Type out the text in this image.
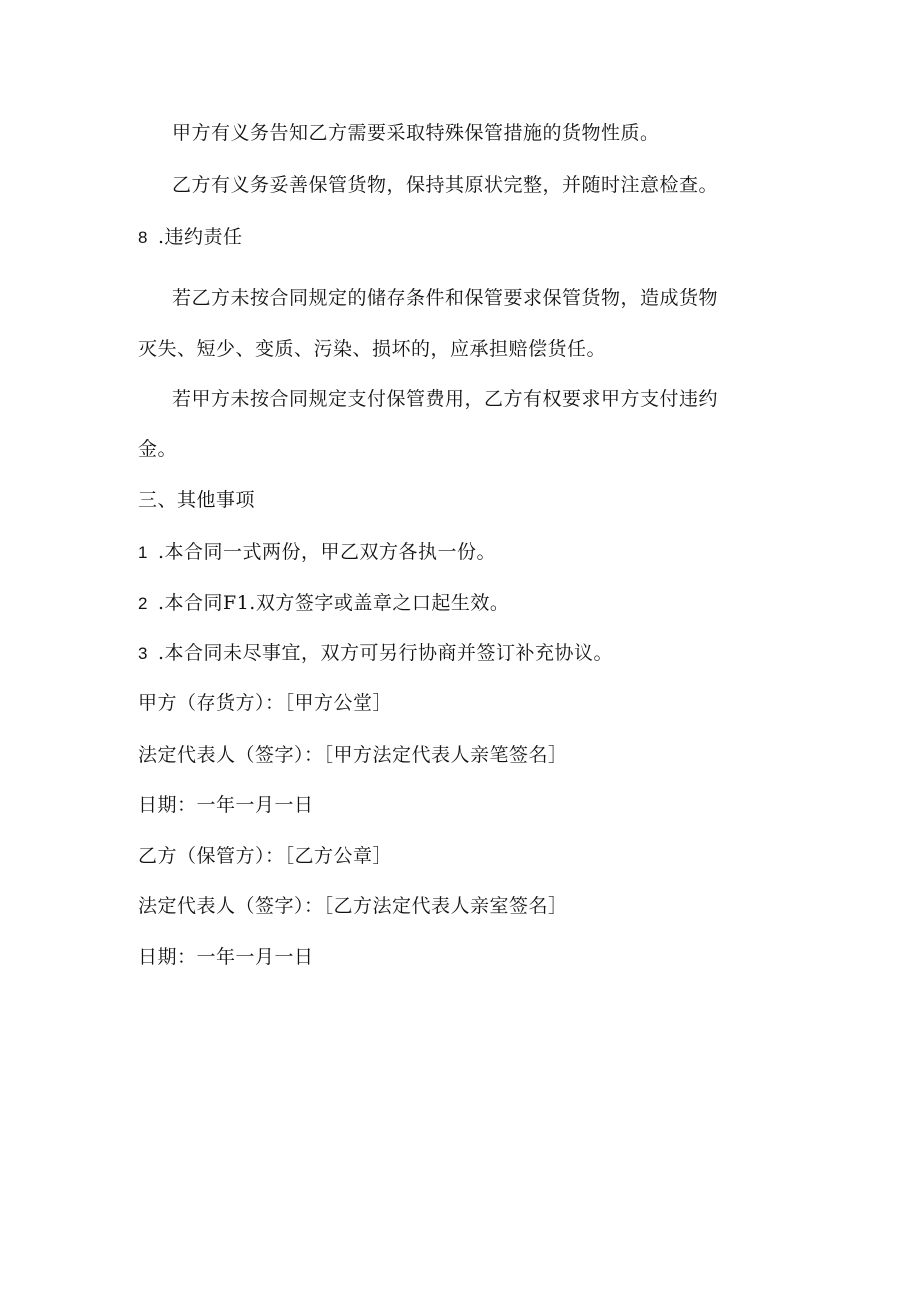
甲方有义务告知乙方需要采取特殊保管措施的货物性质。
乙方有义务妥善保管货物，保持其原状完整，并随时注意检查。
8 .违约责任
若乙方未按合同规定的储存条件和保管要求保管货物，造成货物
灭失、短少、变质、污染、损坏的，应承担赔偿货任。
若甲方未按合同规定支付保管费用，乙方有权要求甲方支付违约
金。
三、其他事项
1 .本合同一式两份，甲乙双方各执一份。
2 .本合同F1.双方签字或盖章之口起生效。
3 .本合同未尽事宜，双方可另行协商并签订补充协议。
甲方（存货方）：［甲方公堂］
法定代表人（签字）：［甲方法定代表人亲笔签名］
日期：一年一月一日
乙方（保管方）：［乙方公章］
法定代表人（签字）：［乙方法定代表人亲室签名］
日期：一年一月一日
